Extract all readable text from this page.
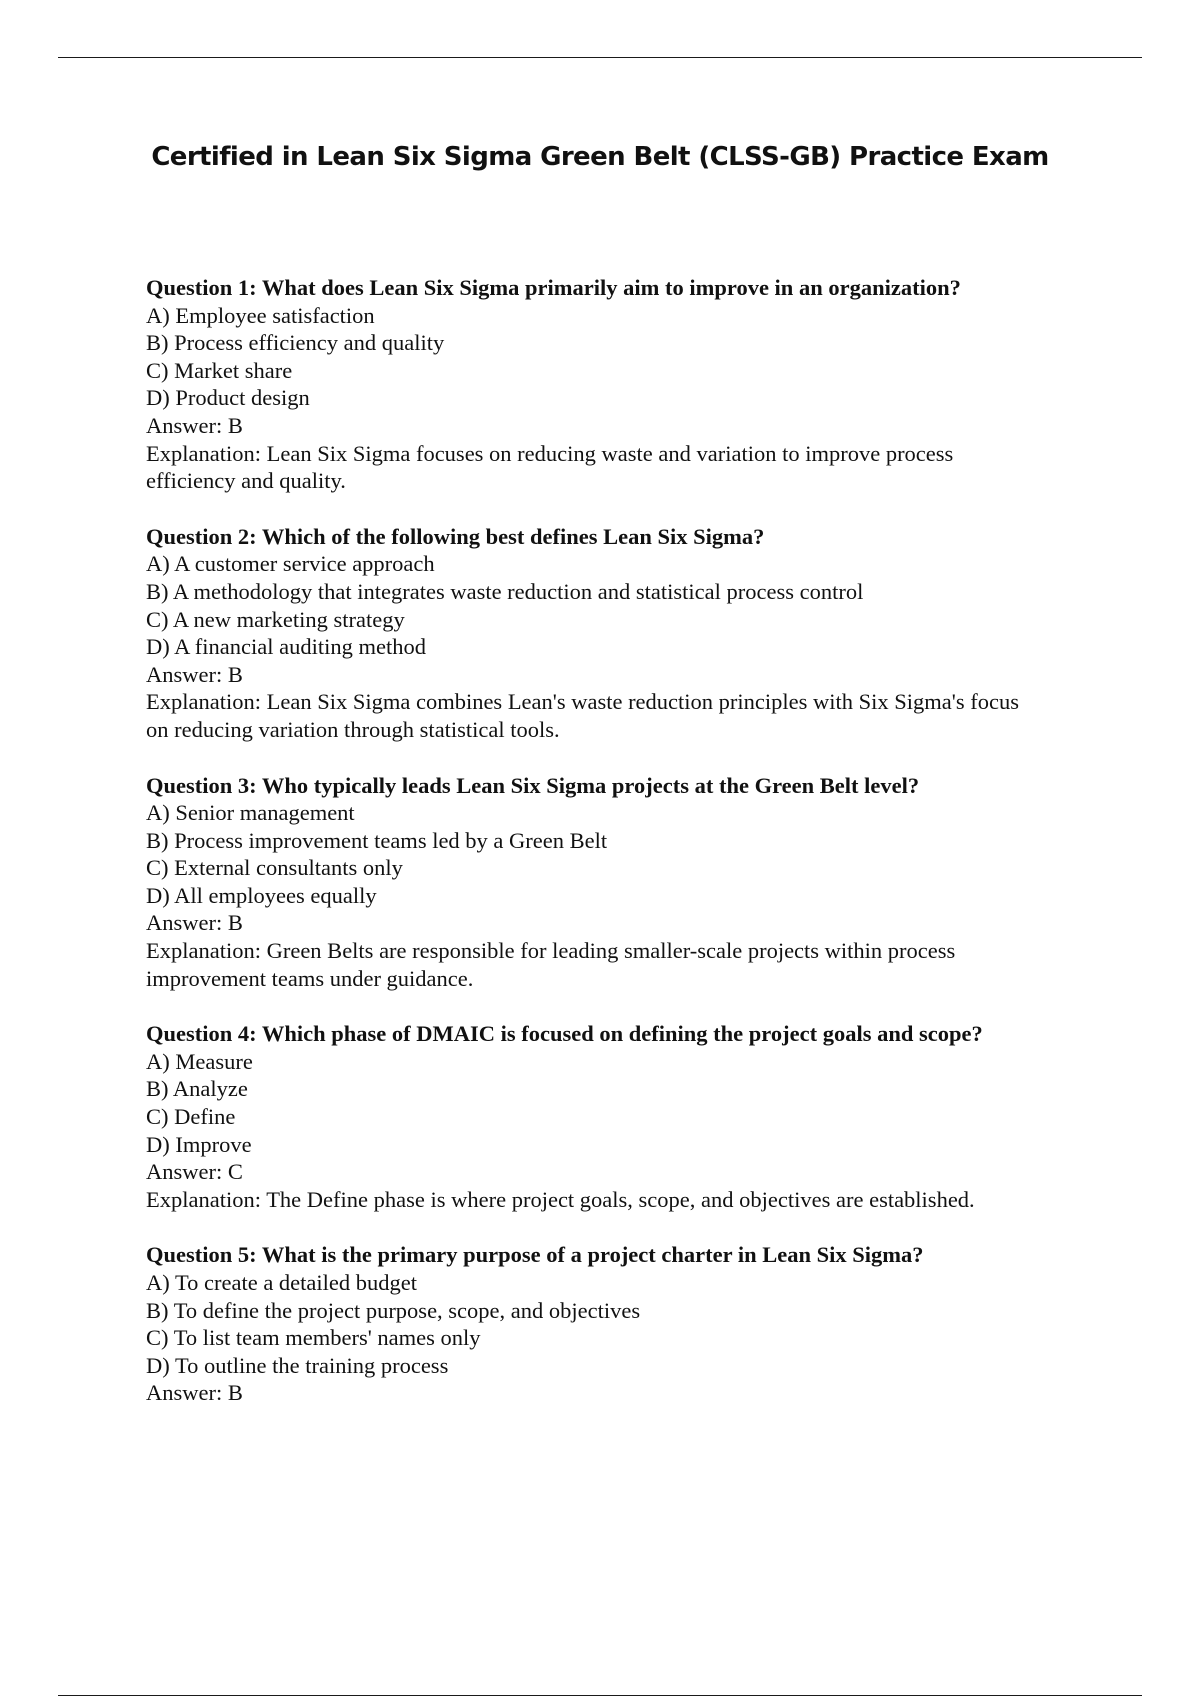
Certified in Lean Six Sigma Green Belt (CLSS-GB) Practice Exam
Question 1: What does Lean Six Sigma primarily aim to improve in an organization?
A) Employee satisfaction
B) Process efficiency and quality
C) Market share
D) Product design
Answer: B
Explanation: Lean Six Sigma focuses on reducing waste and variation to improve process
efficiency and quality.
Question 2: Which of the following best defines Lean Six Sigma?
A) A customer service approach
B) A methodology that integrates waste reduction and statistical process control
C) A new marketing strategy
D) A financial auditing method
Answer: B
Explanation: Lean Six Sigma combines Lean's waste reduction principles with Six Sigma's focus
on reducing variation through statistical tools.
Question 3: Who typically leads Lean Six Sigma projects at the Green Belt level?
A) Senior management
B) Process improvement teams led by a Green Belt
C) External consultants only
D) All employees equally
Answer: B
Explanation: Green Belts are responsible for leading smaller-scale projects within process
improvement teams under guidance.
Question 4: Which phase of DMAIC is focused on defining the project goals and scope?
A) Measure
B) Analyze
C) Define
D) Improve
Answer: C
Explanation: The Define phase is where project goals, scope, and objectives are established.
Question 5: What is the primary purpose of a project charter in Lean Six Sigma?
A) To create a detailed budget
B) To define the project purpose, scope, and objectives
C) To list team members' names only
D) To outline the training process
Answer: B
